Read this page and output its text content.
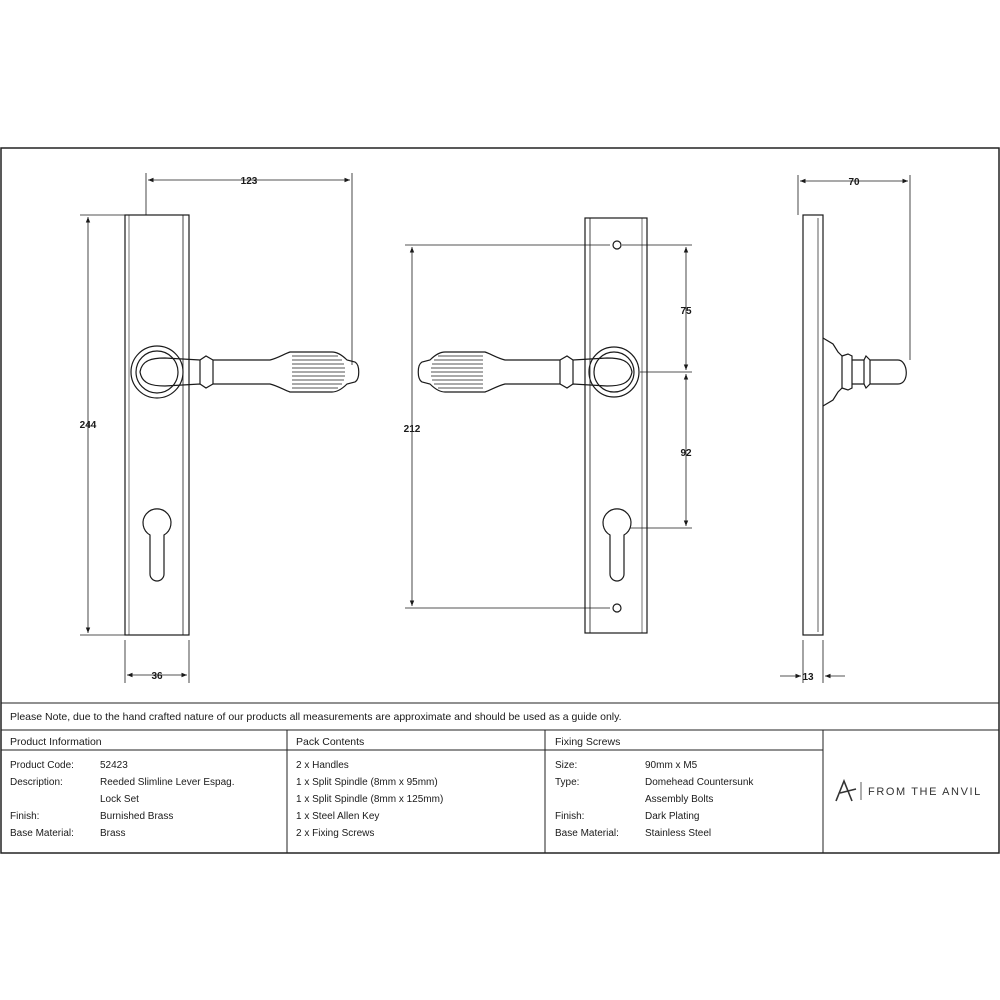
123
244
36
212
75
92
70
13
Please Note, due to the hand crafted nature of our products all measurements are approximate and should be used as a guide only.
Product Information	Pack Contents	Fixing Screws
Product Code:	52423
Description:	Reeded Slimline Lever Espag.
Lock Set
Finish:	Burnished Brass
Base Material:	Brass
2 x Handles
1 x Split Spindle (8mm x 95mm)
1 x Split Spindle (8mm x 125mm)
1 x Steel Allen Key
2 x Fixing Screws
Size:	90mm x M5
Type:	Domehead Countersunk
Assembly Bolts
Finish:	Dark Plating
Base Material:	Stainless Steel
FROM THE ANVIL
